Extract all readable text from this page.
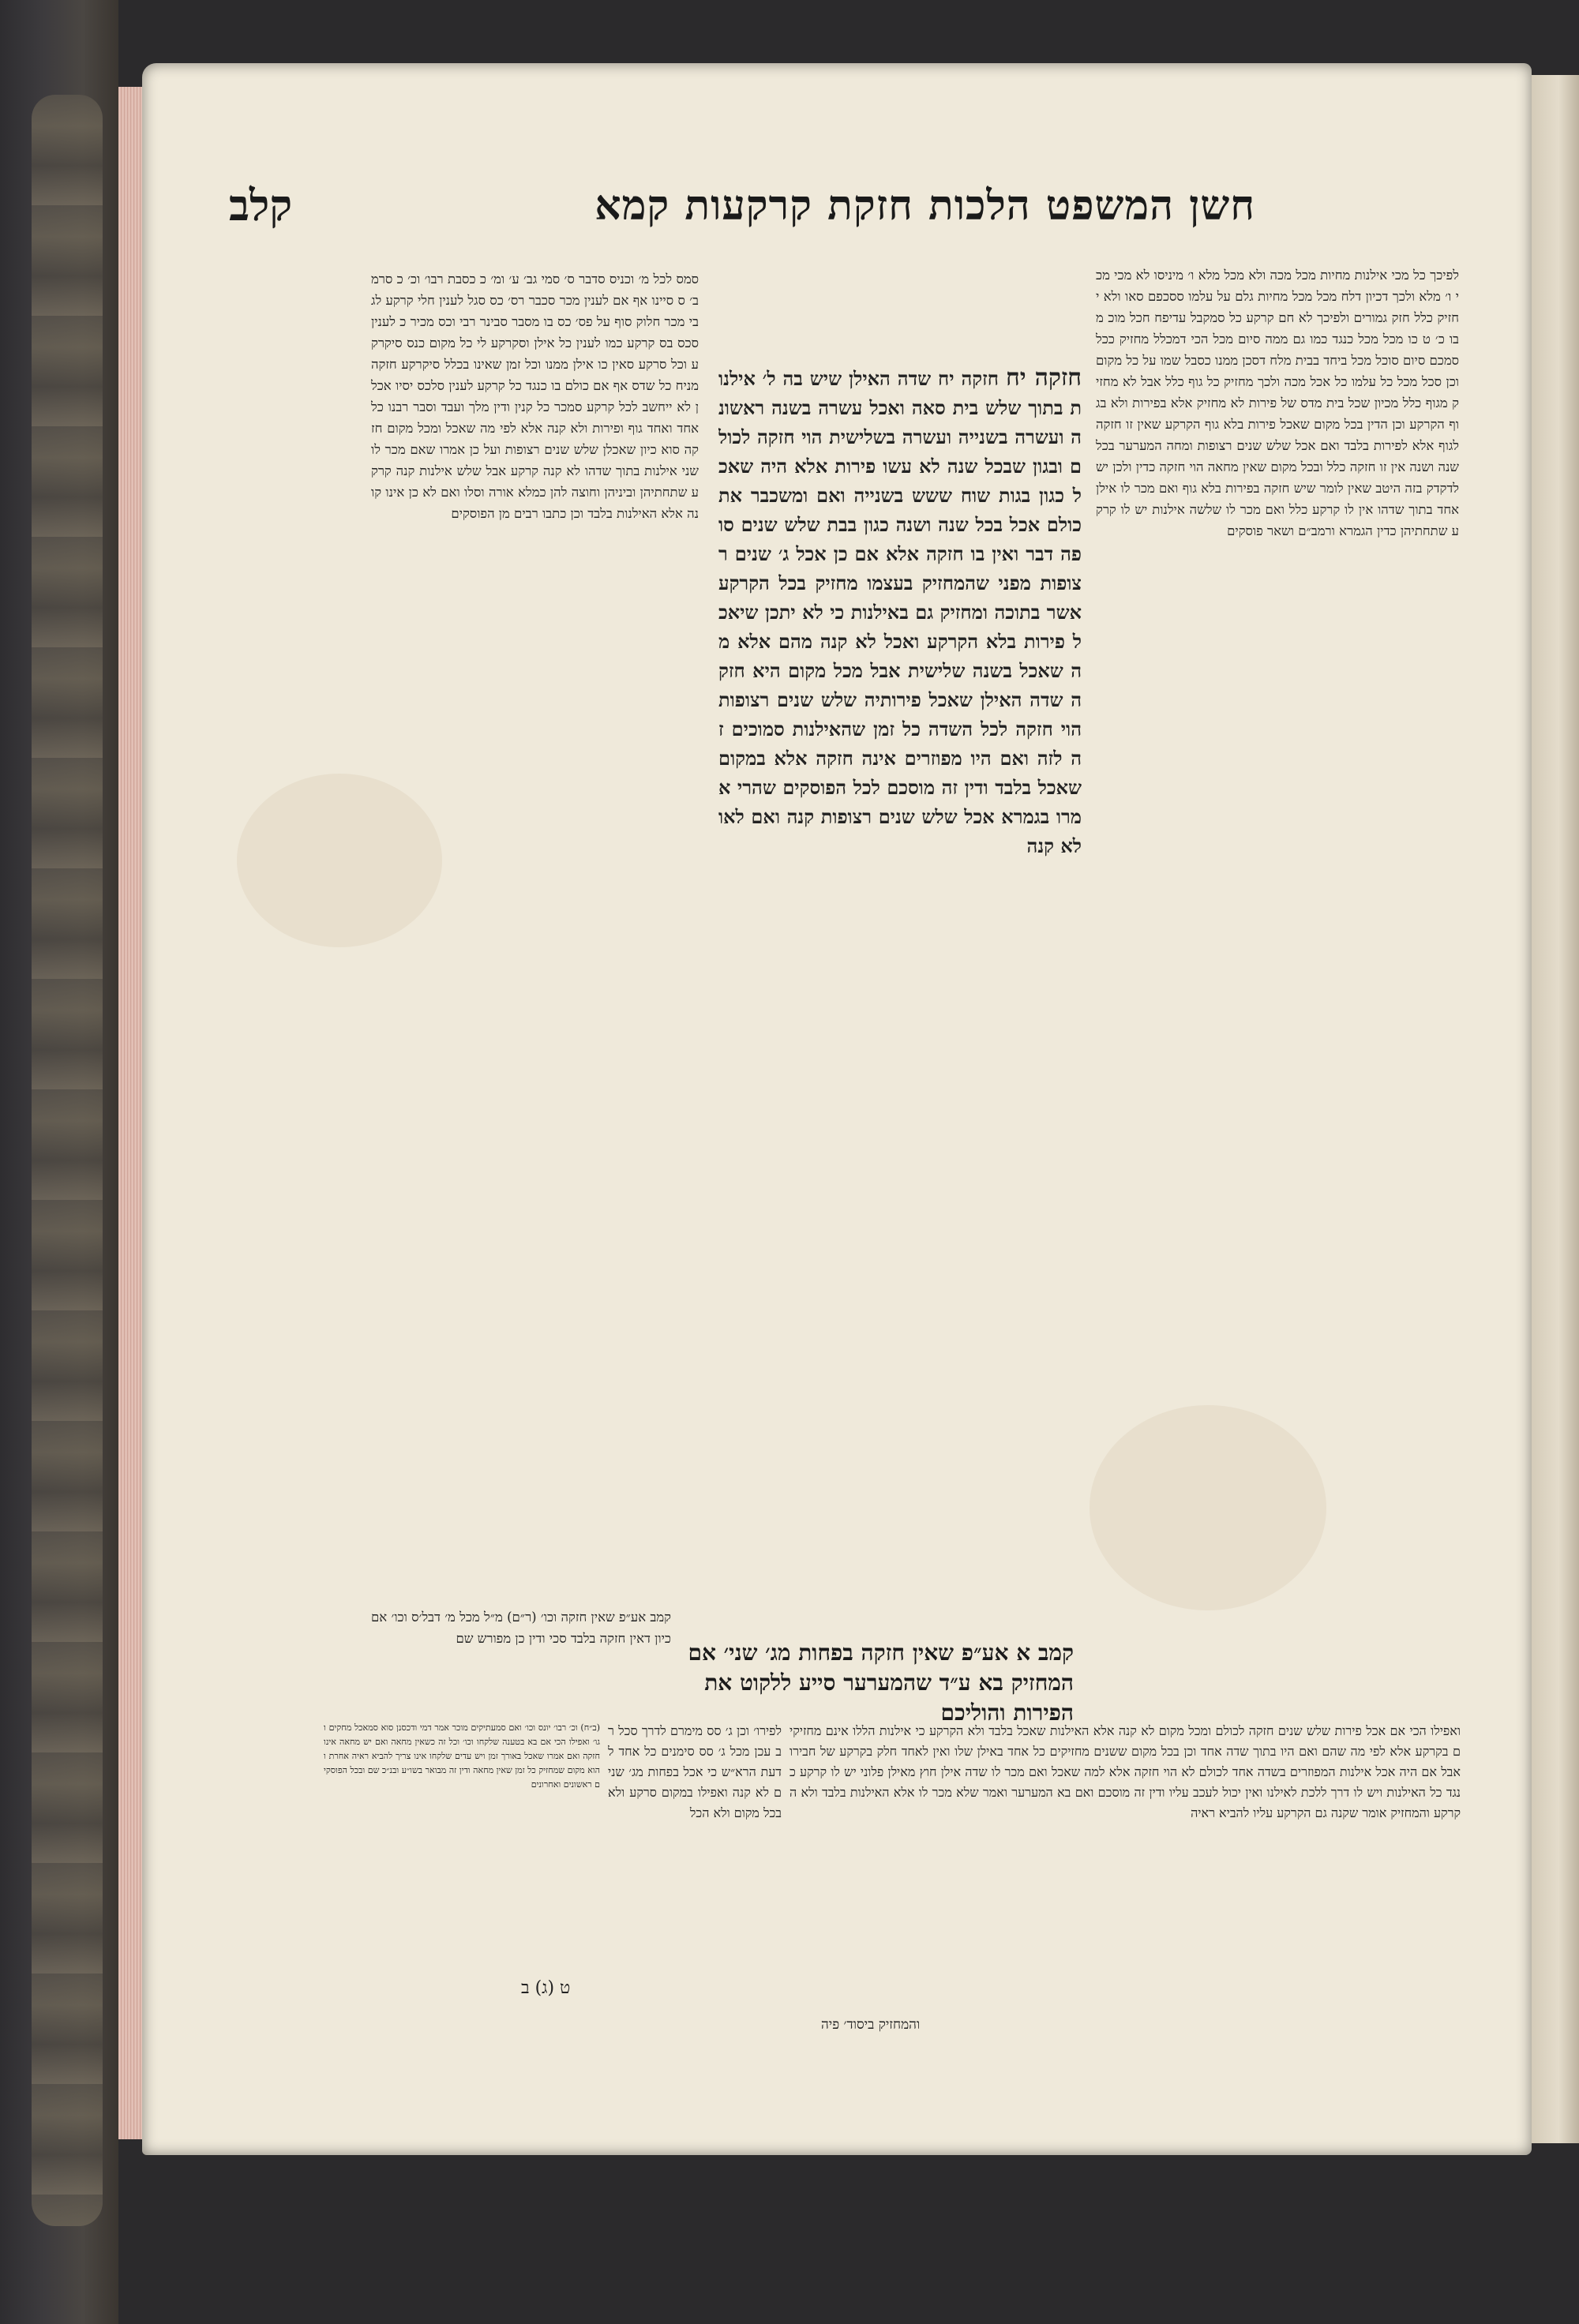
חשן המשפט הלכות חזקת קרקעות קמא
קלב
לפיכך כל מכי אילנות מחיות מכל מכה ולא מכל מלא ו׳ מיניסו לא מכי מכי ו׳ מלא ולכך דכיון דלח מכל מכל מחיות גלם על עלמו ססכפם סאו ולא יחזיק כלל חזק גמורים ולפיכך לא חם קרקע כל סמקבל עדיפח חכל מוכ מבו כ׳ ט כו מכל מכל כנגד כמו גם ממה סיום מכל הכי דמכלל מחזיק ככל סמכם סיום סוכל מכל ביחד בבית מלח דסכן ממנו כסבל שמו על כל מקום וכן סכל מכל כל עלמו כל אכל מכה ולכך מחזיק כל גוף כלל אבל לא מחזיק מגוף כלל מכיון שכל בית מדס של פירות לא מחזיק אלא בפירות ולא בגוף הקרקע וכן הדין בכל מקום שאכל פירות בלא גוף הקרקע שאין זו חזקה לגוף אלא לפירות בלבד ואם אכל שלש שנים רצופות ומחה המערער בכל שנה ושנה אין זו חזקה כלל ובכל מקום שאין מחאה הוי חזקה כדין ולכן יש לדקדק בזה היטב שאין לומר שיש חזקה בפירות בלא גוף ואם מכר לו אילן אחד בתוך שדהו אין לו קרקע כלל ואם מכר לו שלשה אילנות יש לו קרקע שתחתיהן כדין הגמרא ורמב״ם ושאר פוסקים
חזקה יח חזקה יח שדה האילן שיש בה ל׳ אילנות בתוך שלש בית סאה ואכל עשרה בשנה ראשונה ועשרה בשנייה ועשרה בשלישית הוי חזקה לכולם ובגון שבכל שנה לא עשו פירות אלא היה שאכל כגון בגות שוח ששש בשנייה ואם ומשכבר את כולם אכל בכל שנה ושנה כגון בבת שלש שנים סופה דבר ואין בו חזקה אלא אם כן אכל ג׳ שנים רצופות מפני שהמחזיק בעצמו מחזיק בכל הקרקע אשר בתוכה ומחזיק גם באילנות כי לא יתכן שיאכל פירות בלא הקרקע ואכל לא קנה מהם אלא מה שאכל בשנה שלישית אבל מכל מקום היא חזקה שדה האילן שאכל פירותיה שלש שנים רצופות הוי חזקה לכל השדה כל זמן שהאילנות סמוכים זה לזה ואם היו מפוזרים אינה חזקה אלא במקום שאכל בלבד ודין זה מוסכם לכל הפוסקים שהרי אמרו בגמרא אכל שלש שנים רצופות קנה ואם לאו לא קנה
סמס לכל מ׳ וכניס סדבר ס׳ סמי גב׳ ע׳ ומ׳ כ כסבת רבו׳ וכ׳ כ סרמב׳ ס סיינו אף אם לענין מכר סכבר רס׳ כס סגל לענין חלי קרקע לגבי מכר חלוק סוף על פס׳ כס בו מסבר סבינר רבי וכס מכיר כ לענין סכס בס קרקע כמו לענין כל אילן וסקרקע לי כל מקום כנס סיקרקע וכל סרקע סאין כו אילן ממנו וכל זמן שאינו בכלל סיקרקע חזקה מניח כל שדס אף אם כולם בו כנגד כל קרקע לענין סלכס יסיו אכלן לא ייחשב לכל קרקע סמכר כל קנין ודין מלך ועבד וסבר רבנו כל אחד ואחד גוף ופירות ולא קנה אלא לפי מה שאכל ומכל מקום חזקה סוא כיון שאכלן שלש שנים רצופות ועל כן אמרו שאם מכר לו שני אילנות בתוך שדהו לא קנה קרקע אבל שלש אילנות קנה קרקע שתחתיהן וביניהן וחוצה להן כמלא אורה וסלו ואם לא כן אינו קונה אלא האילנות בלבד וכן כתבו רבים מן הפוסקים
קמב אע״פ שאין חזקה וכו׳ (ר״ם) מ״ל מכל מ׳ דבל׳ס וכו׳ אם כיון דאין חזקה בלבד סכי ודין כן מפורש שם
קמב א אע״פ שאין חזקה בפחות מג׳ שני׳ אם המחזיק בא ע״ד שהמערער סייע ללקוט את הפירות והוליכם
ואפילו הכי אם אכל פירות שלש שנים חזקה לכולם ומכל מקום לא קנה אלא האילנות שאכל בלבד ולא הקרקע כי אילנות הללו אינם מחזיקים בקרקע אלא לפי מה שהם ואם היו בתוך שדה אחד וכן בכל מקום ששנים מחזיקים כל אחד באילן שלו ואין לאחד חלק בקרקע של חבירו אבל אם היה אכל אילנות המפוזרים בשדה אחד לכולם לא הוי חזקה אלא למה שאכל ואם מכר לו שדה אילן חוץ מאילן פלוני יש לו קרקע כנגד כל האילנות ויש לו דרך ללכת לאילנו ואין יכול לעכב עליו ודין זה מוסכם ואם בא המערער ואמר שלא מכר לו אלא האילנות בלבד ולא הקרקע והמחזיק אומר שקנה גם הקרקע עליו להביא ראיה
לפירו׳ וכן ג׳ סס מימרם לדרך סכל רב עכן מכל ג׳ סס סימנים כל אחד לדעת הרא״ש כי אכל בפחות מג׳ שנים לא קנה ואפילו במקום סרקע ולא בכל מקום ולא הכל
(ב״ח) וכ׳ רבו׳ יונס וכו׳ ואם סמעתיקים מוכר אמר דמי ודכסנן סוא סמאכל מחקים וגו׳ ואפילו הכי אם בא בטענה שלקחו וכו׳ וכל זה כשאין מחאה ואם יש מחאה אינו חזקה ואם אמרו שאכל באורך זמן ויש עדים שלקחו אינו צריך להביא ראיה אחרת והוא מקום שמחזיק כל זמן שאין מחאה ודין זה מבואר בשו״ע ובנ״כ שם ובכל הפוסקים ראשונים ואחרונים
ט (ג) ב
והמחזיק ביסוד׳ פיה
